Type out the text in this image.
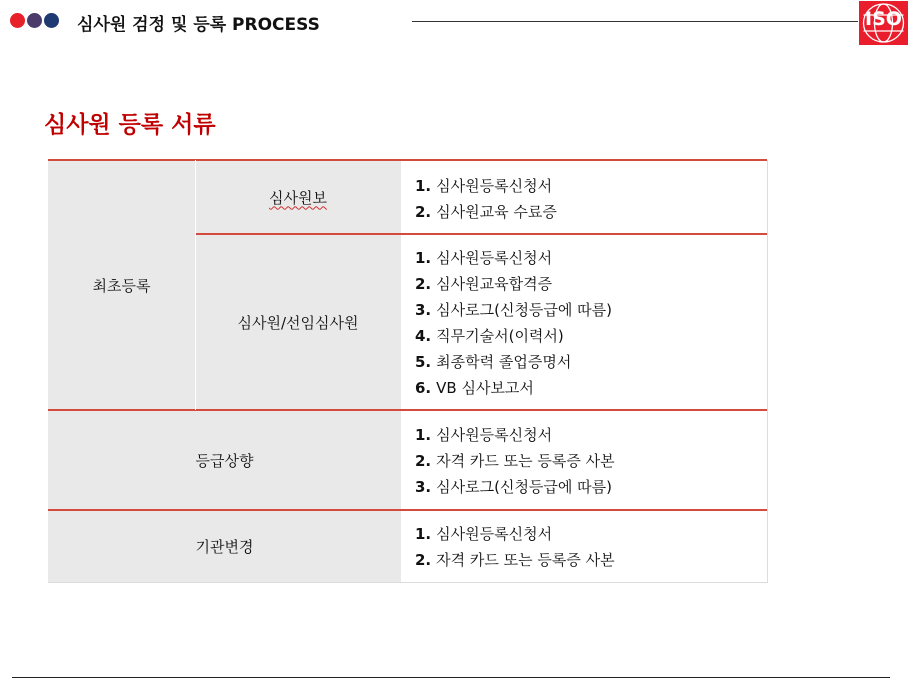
심사원 검정 및 등록 PROCESS	ISO
심사원 등록 서류
최초등록
심사원보
1. 심사원등록신청서
2. 심사원교육 수료증
심사원/선임심사원
1. 심사원등록신청서
2. 심사원교육합격증
3. 심사로그(신청등급에 따름)
4. 직무기술서(이력서)
5. 최종학력 졸업증명서
6. VB 심사보고서
등급상향
1. 심사원등록신청서
2. 자격 카드 또는 등록증 사본
3. 심사로그(신청등급에 따름)
기관변경
1. 심사원등록신청서
2. 자격 카드 또는 등록증 사본
